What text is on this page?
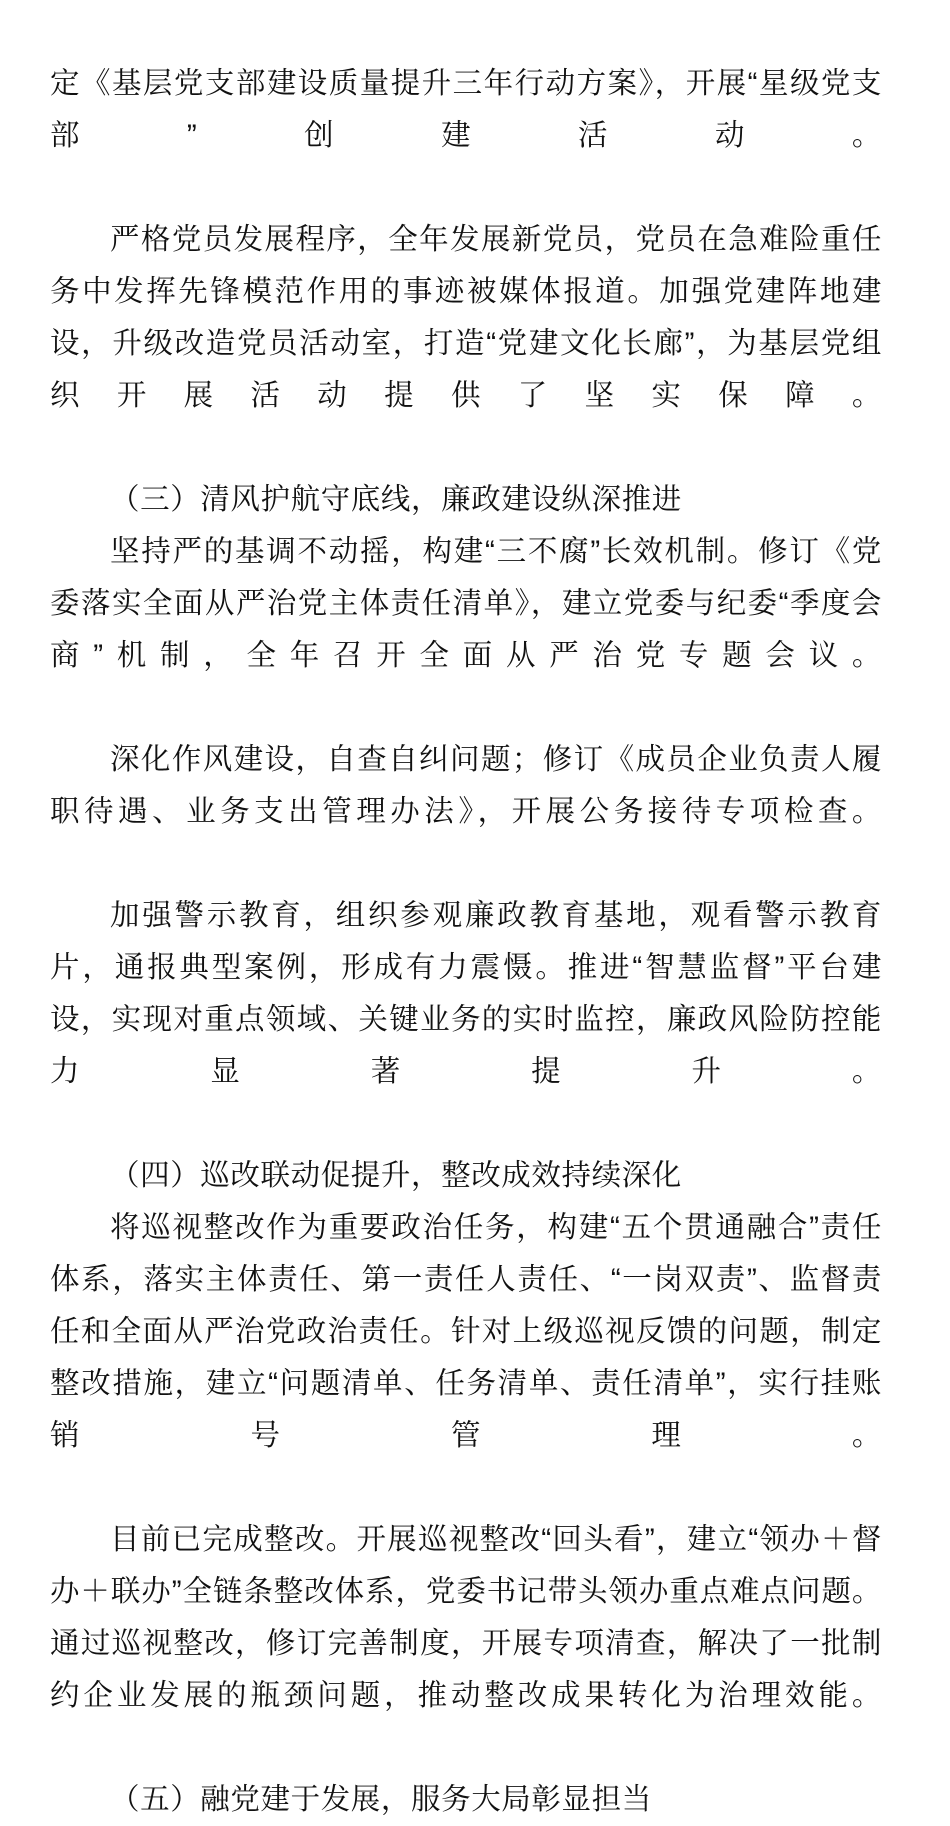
定《基层党支部建设质量提升三年行动方案》，开展“星级党支部”创建活动。

严格党员发展程序，全年发展新党员，党员在急难险重任务中发挥先锋模范作用的事迹被媒体报道。加强党建阵地建设，升级改造党员活动室，打造“党建文化长廊”，为基层党组织开展活动提供了坚实保障。

（三）清风护航守底线，廉政建设纵深推进

坚持严的基调不动摇，构建“三不腐”长效机制。修订《党委落实全面从严治党主体责任清单》，建立党委与纪委“季度会商”机制，全年召开全面从严治党专题会议。

深化作风建设，自查自纠问题；修订《成员企业负责人履职待遇、业务支出管理办法》，开展公务接待专项检查。

加强警示教育，组织参观廉政教育基地，观看警示教育片，通报典型案例，形成有力震慑。推进“智慧监督”平台建设，实现对重点领域、关键业务的实时监控，廉政风险防控能力显著提升。

（四）巡改联动促提升，整改成效持续深化

将巡视整改作为重要政治任务，构建“五个贯通融合”责任体系，落实主体责任、第一责任人责任、“一岗双责”、监督责任和全面从严治党政治责任。针对上级巡视反馈的问题，制定整改措施，建立“问题清单、任务清单、责任清单”，实行挂账销号管理。

目前已完成整改。开展巡视整改“回头看”，建立“领办＋督办＋联办”全链条整改体系，党委书记带头领办重点难点问题。通过巡视整改，修订完善制度，开展专项清查，解决了一批制约企业发展的瓶颈问题，推动整改成果转化为治理效能。

（五）融党建于发展，服务大局彰显担当
